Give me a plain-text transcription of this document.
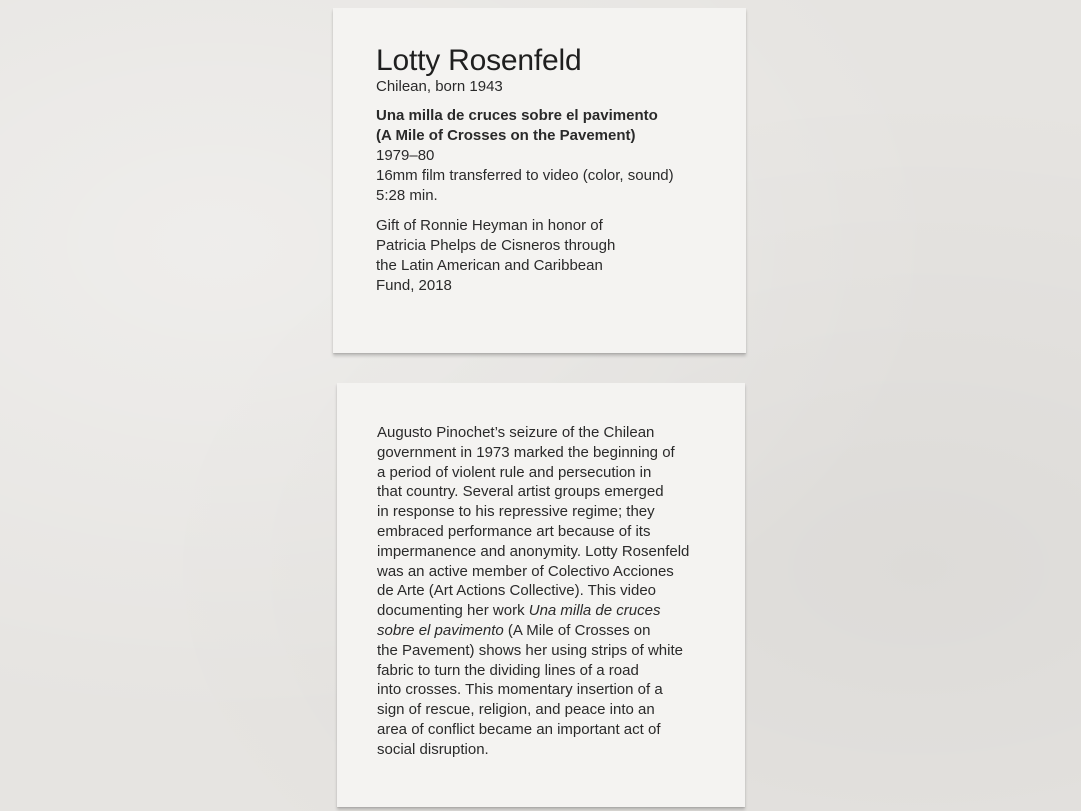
Lotty Rosenfeld
Chilean, born 1943
Una milla de cruces sobre el pavimento
(A Mile of Crosses on the Pavement)
1979–80
16mm film transferred to video (color, sound)
5:28 min.
Gift of Ronnie Heyman in honor of
Patricia Phelps de Cisneros through
the Latin American and Caribbean
Fund, 2018
Augusto Pinochet’s seizure of the Chilean
government in 1973 marked the beginning of
a period of violent rule and persecution in
that country. Several artist groups emerged
in response to his repressive regime; they
embraced performance art because of its
impermanence and anonymity. Lotty Rosenfeld
was an active member of Colectivo Acciones
de Arte (Art Actions Collective). This video
documenting her work Una milla de cruces
sobre el pavimento (A Mile of Crosses on
the Pavement) shows her using strips of white
fabric to turn the dividing lines of a road
into crosses. This momentary insertion of a
sign of rescue, religion, and peace into an
area of conflict became an important act of
social disruption.
